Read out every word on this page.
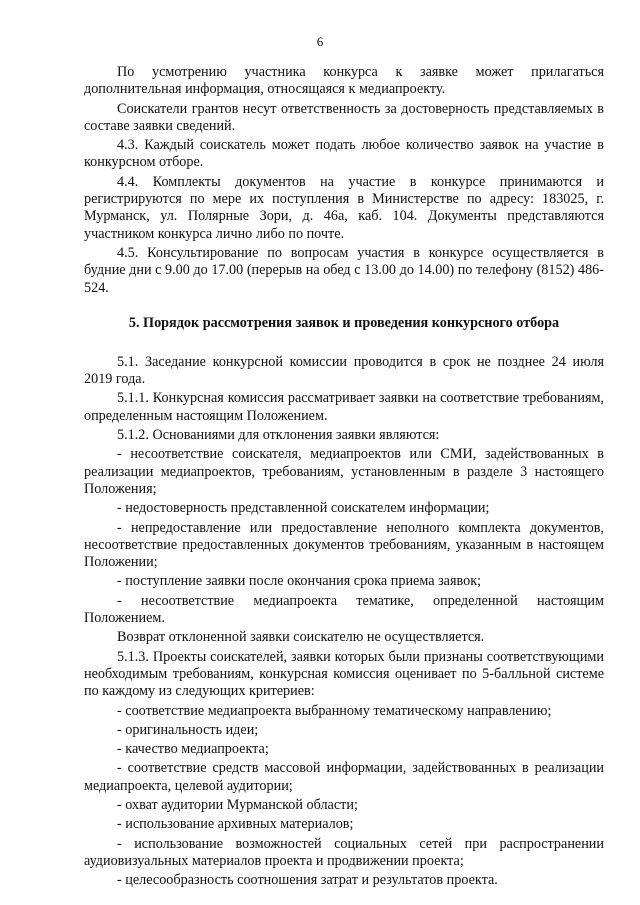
6

По усмотрению участника конкурса к заявке может прилагаться дополнительная информация, относящаяся к медиапроекту.

Соискатели грантов несут ответственность за достоверность представляемых в составе заявки сведений.

4.3. Каждый соискатель может подать любое количество заявок на участие в конкурсном отборе.

4.4. Комплекты документов на участие в конкурсе принимаются и регистрируются по мере их поступления в Министерстве по адресу: 183025, г. Мурманск, ул. Полярные Зори, д. 46а, каб. 104. Документы представляются участником конкурса лично либо по почте.

4.5. Консультирование по вопросам участия в конкурсе осуществляется в будние дни с 9.00 до 17.00 (перерыв на обед с 13.00 до 14.00) по телефону (8152) 486-524.

5. Порядок рассмотрения заявок и проведения конкурсного отбора

5.1. Заседание конкурсной комиссии проводится в срок не позднее 24 июля 2019 года.

5.1.1. Конкурсная комиссия рассматривает заявки на соответствие требованиям, определенным настоящим Положением.

5.1.2. Основаниями для отклонения заявки являются:

- несоответствие соискателя, медиапроектов или СМИ, задействованных в реализации медиапроектов, требованиям, установленным в разделе 3 настоящего Положения;

- недостоверность представленной соискателем информации;

- непредоставление или предоставление неполного комплекта документов, несоответствие предоставленных документов требованиям, указанным в настоящем Положении;

- поступление заявки после окончания срока приема заявок;

- несоответствие медиапроекта тематике, определенной настоящим Положением.

Возврат отклоненной заявки соискателю не осуществляется.

5.1.3. Проекты соискателей, заявки которых были признаны соответствующими необходимым требованиям, конкурсная комиссия оценивает по 5-балльной системе по каждому из следующих критериев:

- соответствие медиапроекта выбранному тематическому направлению;

- оригинальность идеи;

- качество медиапроекта;

- соответствие средств массовой информации, задействованных в реализации медиапроекта, целевой аудитории;

- охват аудитории Мурманской области;

- использование архивных материалов;

- использование возможностей социальных сетей при распространении аудиовизуальных материалов проекта и продвижении проекта;

- целесообразность соотношения затрат и результатов проекта.
